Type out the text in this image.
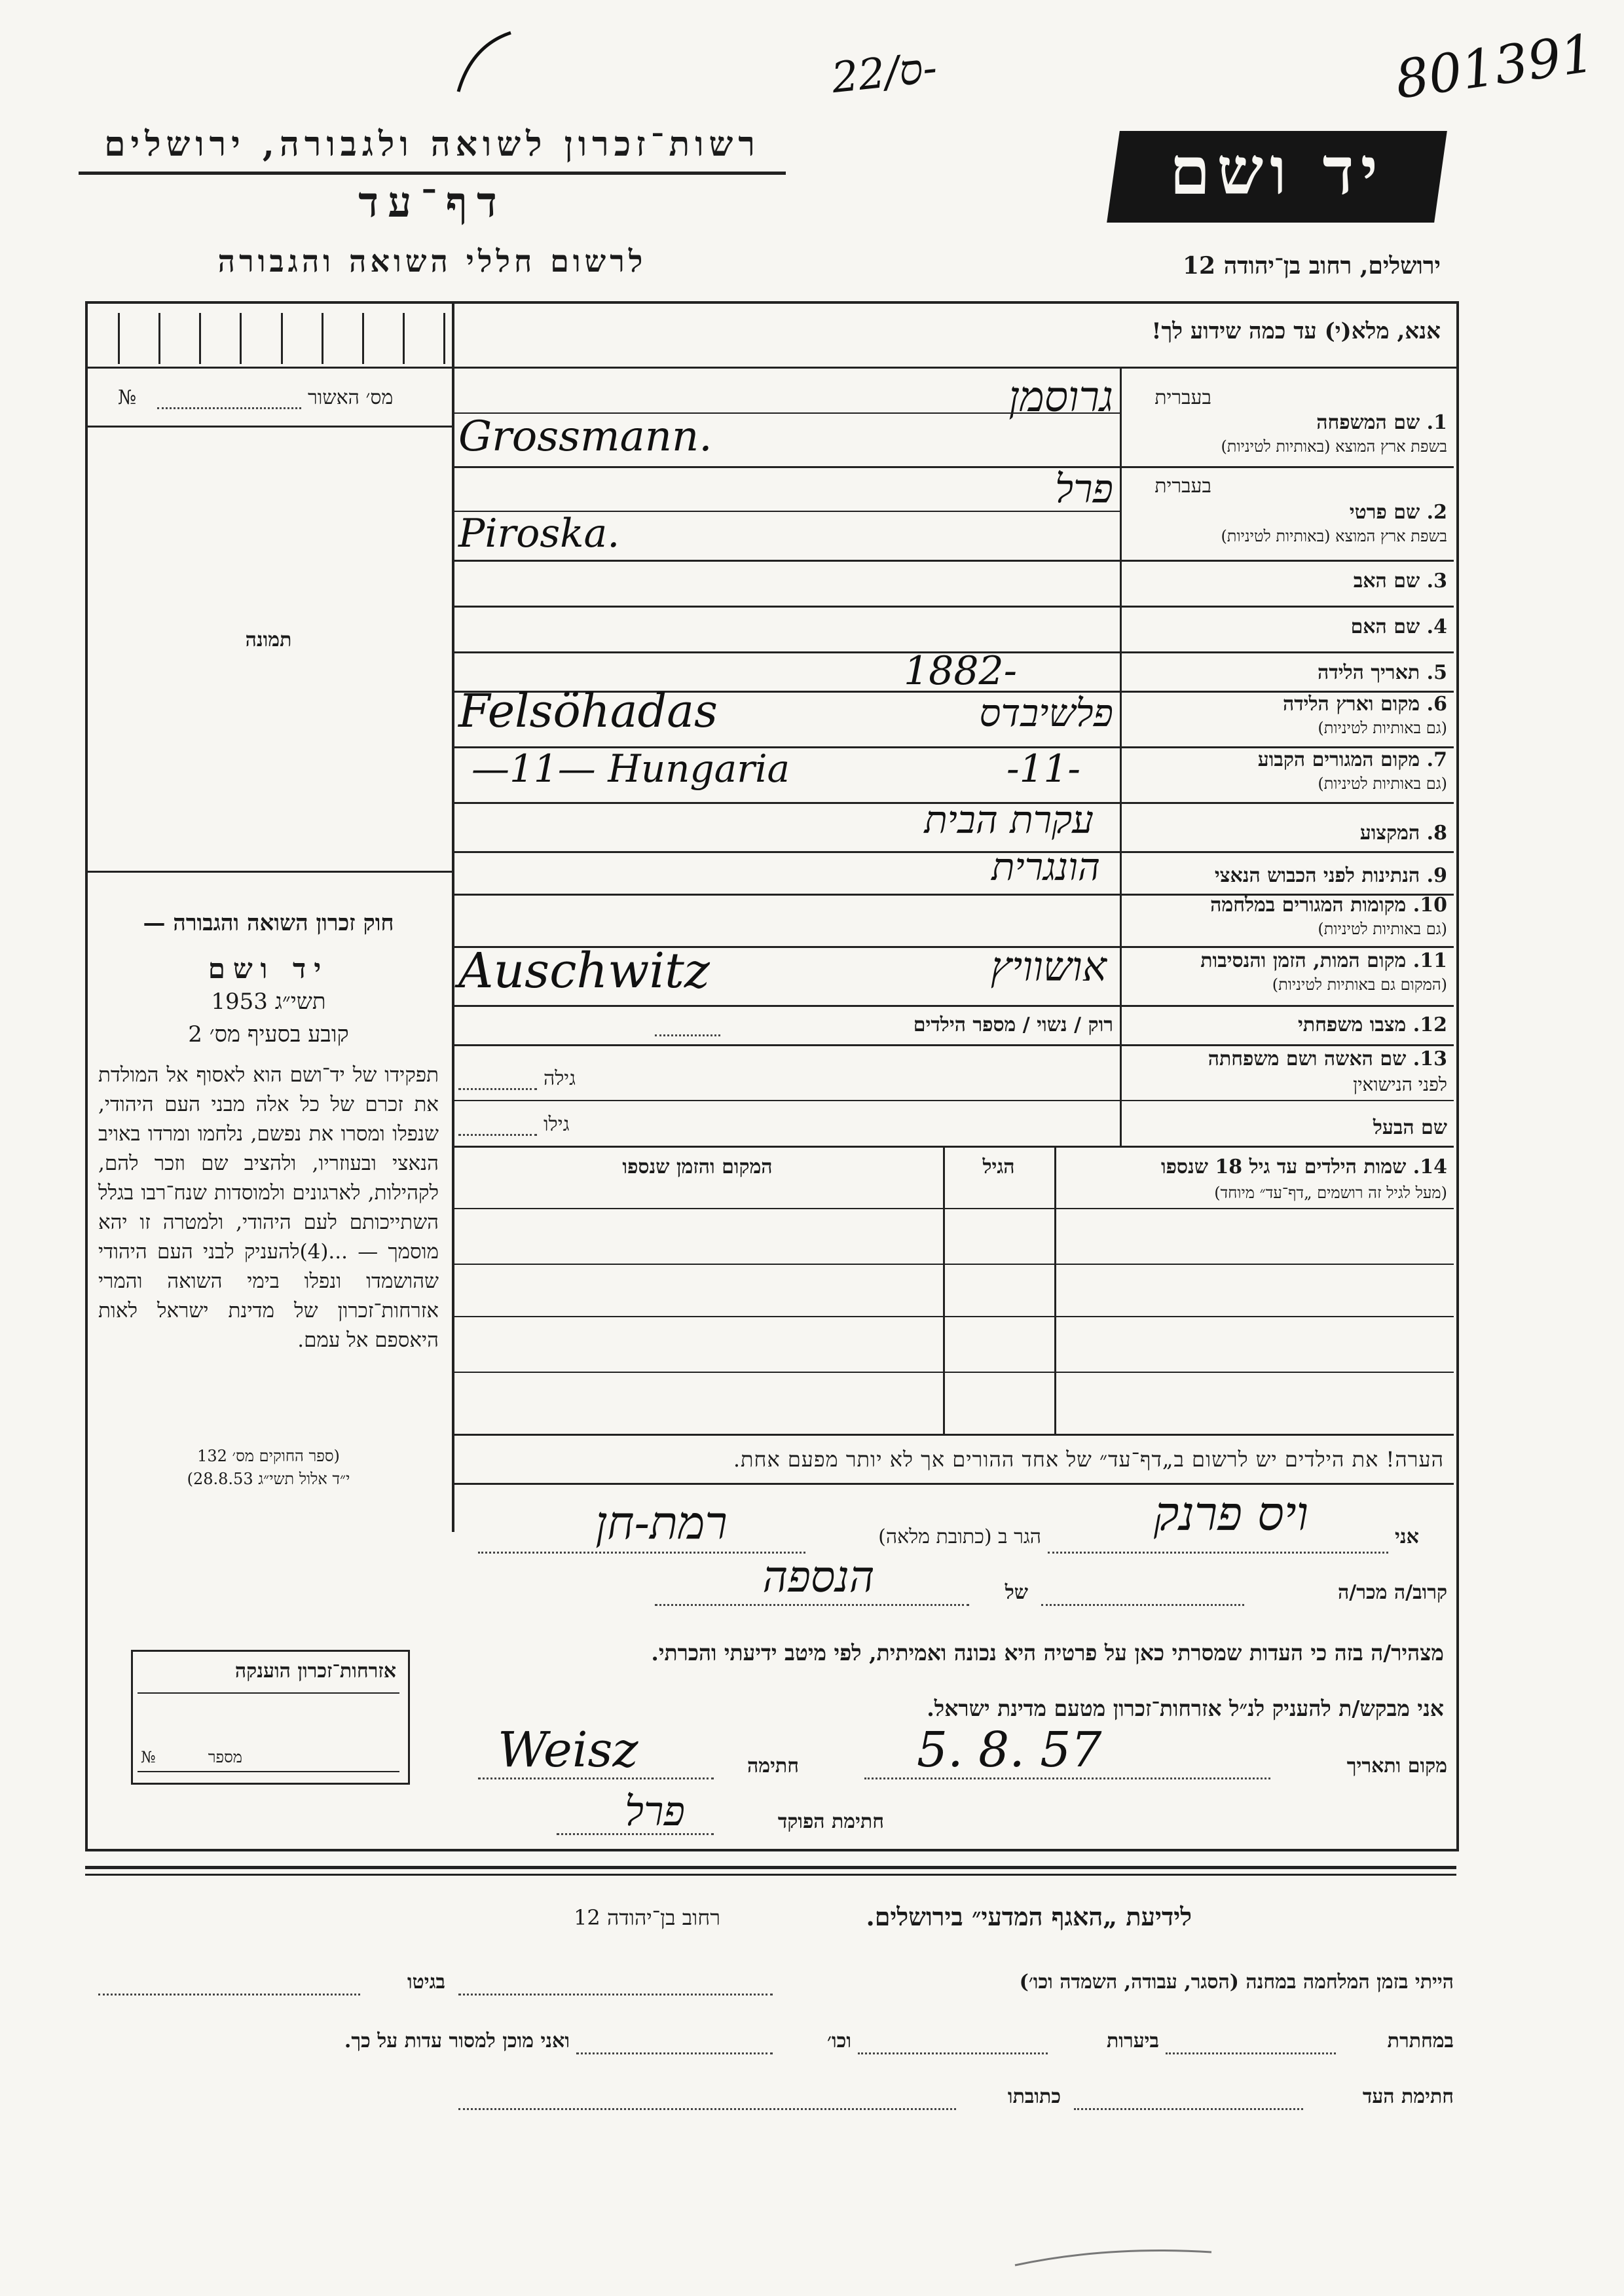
22/ס-	801391
רשות־זכרון לשואה ולגבורה, ירושלים
דף־עד
לרשום חללי השואה והגבורה
יד ושם
ירושלים, רחוב בן־יהודה 12
אנא, מלא(י) עד כמה שידוע לך!
מס׳ האשור
№
תמונה
חוק זכרון השואה והגבורה —
יד ושם
תשי״ג 1953
קובע בסעיף מס׳ 2
תפקידו של יד־ושם הוא לאסוף אל המולדת את זכרם של כל אלה מבני העם היהודי, שנפלו ומסרו את נפשם, נלחמו ומרדו באויב הנאצי ובעוזריו, ולהציב שם וזכר להם, לקהילות, לארגונים ולמוסדות שנח־רבו בגלל השתייכותם לעם היהודי, ולמטרה זו יהא מוסמך — ...(4)להעניק לבני העם היהודי שהושמדו ונפלו בימי השואה והמרי אזרחות־זכרון של מדינת ישראל לאות היאספם אל עמם.
(ספר החוקים מס׳ 132
י״ד אלול תשי״ג 28.8.53)
בעברית
1. שם המשפחה
בשפת ארץ המוצא (באותיות לטיניות)
גרוסמן
Grossmann.
בעברית
2. שם פרטי
בשפת ארץ המוצא (באותיות לטיניות)
פרל
Piroska.
3. שם האב
4. שם האם
5. תאריך הלידה
1882-
6. מקום וארץ הלידה
(גם באותיות לטיניות)
פלשיבדס
Felsöhadas
7. מקום המגורים הקבוע
(גם באותיות לטיניות)
-11-
—11— Hungaria
8. המקצוע
עקרת הבית
9. הנתינות לפני הכבוש הנאצי
הונגרית
10. מקומות המגורים במלחמה
(גם באותיות לטיניות)
11. מקום המות, הזמן והנסיבות
(המקום גם באותיות לטיניות)
אושוויץ
Auschwitz
12. מצבו משפחתי
רוק / נשוי / מספר הילדים
13. שם האשה ושם משפחתה
לפני הנישואין
גילה
שם הבעל
גילו
14. שמות הילדים עד גיל 18 שנספו
(מעל לגיל זה רושמים „דף־עד״ מיוחד)
הגיל
המקום והזמן שנספו
הערה! את הילדים יש לרשום ב„דף־עד״ של אחד ההורים אך לא יותר מפעם אחת.
אזרחות־זכרון הוענקה
מספר
№
אני
ויס פרנק
הגר ב (כתובת מלאה)
רמת-חן
קרוב/ה מכר/ה
של
הנספה
מצהיר/ה בזה כי העדות שמסרתי כאן על פרטיה היא נכונה ואמיתית, לפי מיטב ידיעתי והכרתי.
אני מבקש/ת להעניק לנ״ל אזרחות־זכרון מטעם מדינת ישראל.
מקום ותאריך
5. 8. 57
חתימה
Weisz
חתימת הפוקד
פרל
לידיעת „האגף המדעי״ בירושלים.
רחוב בן־יהודה 12
הייתי בזמן המלחמה במחנה (הסגר, עבודה, השמדה וכו׳)
בגיטו
במחתרת
ביערות
וכו׳
ואני מוכן למסור עדות על כך.
חתימת העד
כתובתו
